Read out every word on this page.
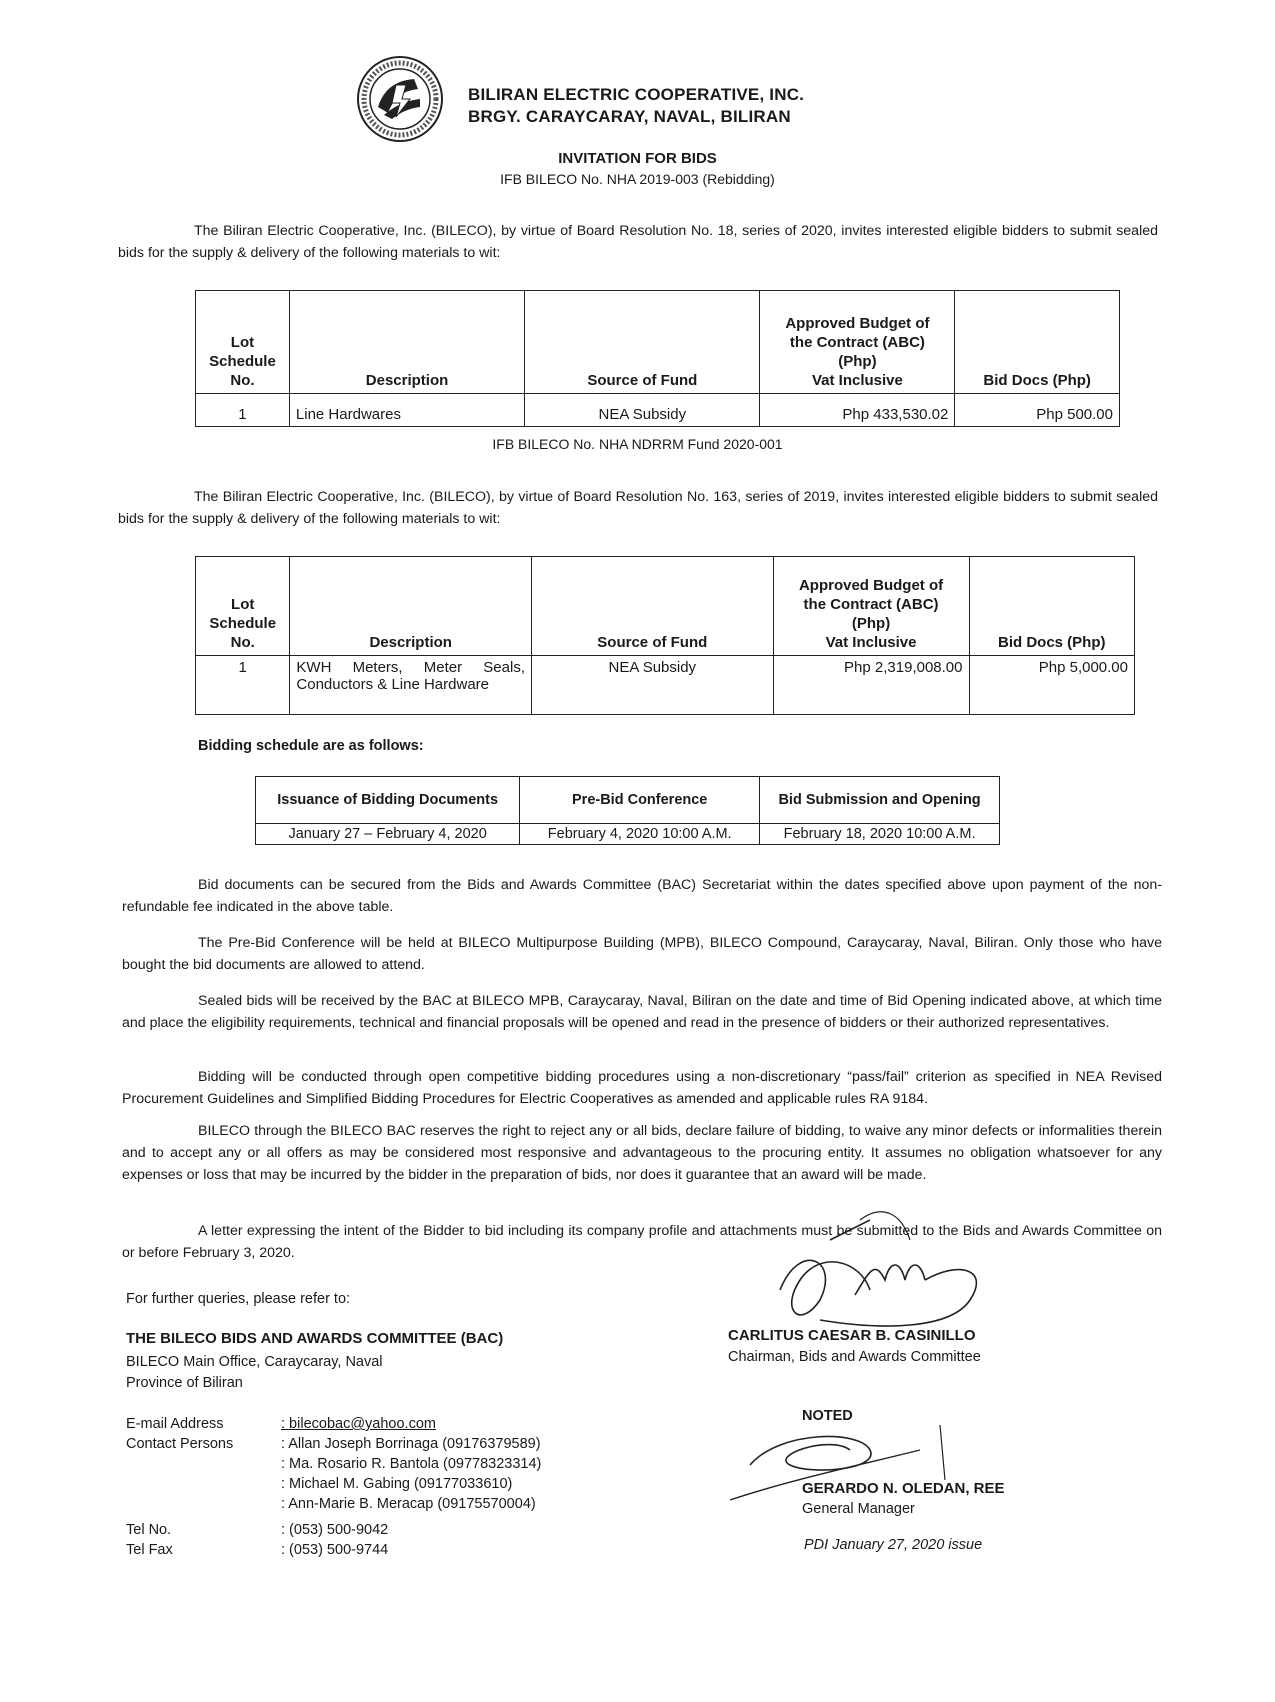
BILIRAN ELECTRIC COOPERATIVE, INC.
BRGY. CARAYCARAY, NAVAL, BILIRAN
INVITATION FOR BIDS
IFB BILECO No. NHA 2019-003 (Rebidding)
The Biliran Electric Cooperative, Inc. (BILECO), by virtue of Board Resolution No. 18, series of 2020, invites interested eligible bidders to submit sealed bids for the supply & delivery of the following materials to wit:
Lot Schedule No.	Description	Source of Fund	Approved Budget of
the Contract (ABC)
(Php)
Vat Inclusive	Bid Docs (Php)
1	Line Hardwares	NEA Subsidy	Php 433,530.02	Php 500.00
IFB BILECO No. NHA NDRRM Fund 2020-001
The Biliran Electric Cooperative, Inc. (BILECO), by virtue of Board Resolution No. 163, series of 2019, invites interested eligible bidders to submit sealed bids for the supply & delivery of the following materials to wit:
Lot Schedule No.	Description	Source of Fund	Approved Budget of
the Contract (ABC)
(Php)
Vat Inclusive	Bid Docs (Php)
1	KWH Meters, Meter Seals,
Conductors & Line Hardware	NEA Subsidy	Php 2,319,008.00	Php 5,000.00
Bidding schedule are as follows:
Issuance of Bidding Documents	Pre-Bid Conference	Bid Submission and Opening
January 27 – February 4, 2020	February 4, 2020 10:00 A.M.	February 18, 2020 10:00 A.M.
Bid documents can be secured from the Bids and Awards Committee (BAC) Secretariat within the dates specified above upon payment of the non-refundable fee indicated in the above table.
The Pre-Bid Conference will be held at BILECO Multipurpose Building (MPB), BILECO Compound, Caraycaray, Naval, Biliran. Only those who have bought the bid documents are allowed to attend.
Sealed bids will be received by the BAC at BILECO MPB, Caraycaray, Naval, Biliran on the date and time of Bid Opening indicated above, at which time and place the eligibility requirements, technical and financial proposals will be opened and read in the presence of bidders or their authorized representatives.
Bidding will be conducted through open competitive bidding procedures using a non-discretionary “pass/fail” criterion as specified in NEA Revised Procurement Guidelines and Simplified Bidding Procedures for Electric Cooperatives as amended and applicable rules RA 9184.
BILECO through the BILECO BAC reserves the right to reject any or all bids, declare failure of bidding, to waive any minor defects or informalities therein and to accept any or all offers as may be considered most responsive and advantageous to the procuring entity. It assumes no obligation whatsoever for any expenses or loss that may be incurred by the bidder in the preparation of bids, nor does it guarantee that an award will be made.
A letter expressing the intent of the Bidder to bid including its company profile and attachments must be submitted to the Bids and Awards Committee on or before February 3, 2020.
For further queries, please refer to:
THE BILECO BIDS AND AWARDS COMMITTEE (BAC)
BILECO Main Office, Caraycaray, Naval
Province of Biliran
E-mail Address	: bilecobac@yahoo.com
Contact Persons	: Allan Joseph Borrinaga (09176379589)
: Ma. Rosario R. Bantola (09778323314)
: Michael M. Gabing (09177033610)
: Ann-Marie B. Meracap (09175570004)
Tel No.	: (053) 500-9042
Tel Fax	: (053) 500-9744
CARLITUS CAESAR B. CASINILLO
Chairman, Bids and Awards Committee
NOTED
GERARDO N. OLEDAN, REE
General Manager
PDI January 27, 2020 issue
